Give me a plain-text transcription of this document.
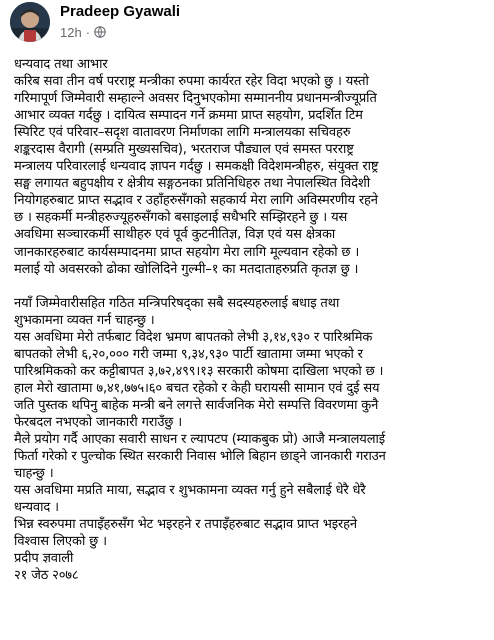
Pradeep Gyawali
12h ·
धन्यवाद तथा आभार
करिब सवा तीन वर्ष परराष्ट्र मन्त्रीका रुपमा कार्यरत रहेर विदा भएको छु । यस्तो
गरिमापूर्ण जिम्मेवारी सम्हाल्ने अवसर दिनुभएकोमा सम्माननीय प्रधानमन्त्रीज्यूप्रति
आभार व्यक्त गर्दछु । दायित्व सम्पादन गर्ने क्रममा प्राप्त सहयोग, प्रदर्शित टिम
स्पिरिट एवं परिवार–सदृश वातावरण निर्माणका लागि मन्त्रालयका सचिवहरु
शङ्करदास वैरागी (सम्प्रति मुख्यसचिव), भरतराज पौड्याल एवं समस्त परराष्ट्र
मन्त्रालय परिवारलाई धन्यवाद ज्ञापन गर्दछु । समकक्षी विदेशमन्त्रीहरु, संयुक्त राष्ट्र
सङ्घ लगायत बहुपक्षीय र क्षेत्रीय सङ्गठनका प्रतिनिधिहरु तथा नेपालस्थित विदेशी
नियोगहरुबाट प्राप्त सद्भाव र उहाँहरुसँगको सहकार्य मेरा लागि अविस्मरणीय रहने
छ । सहकर्मी मन्त्रीहरुज्यूहरुसँगको बसाइलाई सधैभरि सम्झिरहने छु । यस
अवधिमा सञ्चारकर्मी साथीहरु एवं पूर्व कुटनीतिज्ञ, विज्ञ एवं यस क्षेत्रका
जानकारहरुबाट कार्यसम्पादनमा प्राप्त सहयोग मेरा लागि मूल्यवान रहेको छ ।
मलाई यो अवसरको ढोका खोलिदिने गुल्मी–१ का मतदाताहरुप्रति कृतज्ञ छु ।
नयाँ जिम्मेवारीसहित गठित मन्त्रिपरिषद्का सबै सदस्यहरुलाई बधाइ तथा
शुभकामना व्यक्त गर्न चाहन्छु ।
यस अवधिमा मेरो तर्फबाट विदेश भ्रमण बापतको लेभी ३,१४,९३० र पारिश्रमिक
बापतको लेभी ६,२०,००० गरी जम्मा ९,३४,९३० पार्टी खातामा जम्मा भएको र
पारिश्रमिकको कर कट्टीबापत ३,७२,४९९।१३ सरकारी कोषमा दाखिला भएको छ ।
हाल मेरो खातामा ७,४१,७७५।६० बचत रहेको र केही घरायसी सामान एवं दुई सय
जति पुस्तक थपिनु बाहेक मन्त्री बने लगत्ते सार्वजनिक मेरो सम्पत्ति विवरणमा कुनै
फेरबदल नभएको जानकारी गराउँछु ।
मैले प्रयोग गर्दै आएका सवारी साधन र ल्यापटप (म्याकबुक प्रो) आजै मन्त्रालयलाई
फिर्ता गरेको र पुल्चोक स्थित सरकारी निवास भोलि बिहान छाड्ने जानकारी गराउन
चाहन्छु ।
यस अवधिमा मप्रति माया, सद्भाव र शुभकामना व्यक्त गर्नु हुने सबैलाई धेरै धेरै
धन्यवाद ।
भिन्न स्वरुपमा तपाइँहरुसँग भेट भइरहने र तपाइँहरुबाट सद्भाव प्राप्त भइरहने
विश्वास लिएको छु ।
प्रदीप ज्ञवाली
२१ जेठ २०७८
